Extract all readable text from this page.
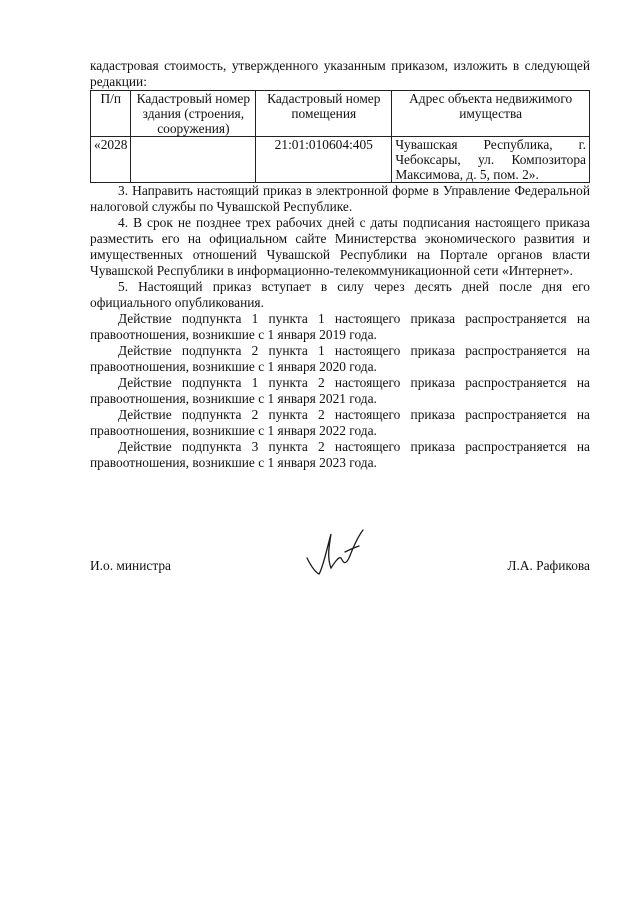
кадастровая стоимость, утвержденного указанным приказом, изложить в следующей редакции:

П/п	Кадастровый номер здания (строения, сооружения)	Кадастровый номер помещения	Адрес объекта недвижимого имущества
«2028		21:01:010604:405	Чувашская Республика, г. Чебоксары, ул. Композитора Максимова, д. 5, пом. 2».

3. Направить настоящий приказ в электронной форме в Управление Федеральной налоговой службы по Чувашской Республике.

4. В срок не позднее трех рабочих дней с даты подписания настоящего приказа разместить его на официальном сайте Министерства экономического развития и имущественных отношений Чувашской Республики на Портале органов власти Чувашской Республики в информационно-телекоммуникационной сети «Интернет».

5. Настоящий приказ вступает в силу через десять дней после дня его официального опубликования.

Действие подпункта 1 пункта 1 настоящего приказа распространяется на правоотношения, возникшие с 1 января 2019 года.

Действие подпункта 2 пункта 1 настоящего приказа распространяется на правоотношения, возникшие с 1 января 2020 года.

Действие подпункта 1 пункта 2 настоящего приказа распространяется на правоотношения, возникшие с 1 января 2021 года.

Действие подпункта 2 пункта 2 настоящего приказа распространяется на правоотношения, возникшие с 1 января 2022 года.

Действие подпункта 3 пункта 2 настоящего приказа распространяется на правоотношения, возникшие с 1 января 2023 года.

И.о. министра	Л.А. Рафикова
